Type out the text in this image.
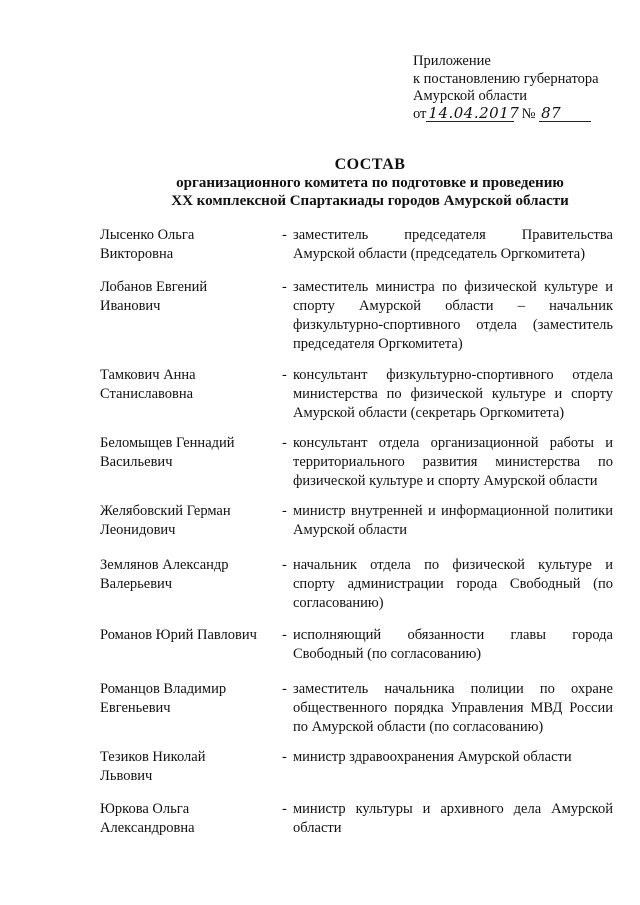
Приложение
к постановлению губернатора
Амурской области
от 14.04.2017 № 87
СОСТАВ
организационного комитета по подготовке и проведению
XX комплексной Спартакиады городов Амурской области
Лысенко Ольга
Викторовна
- заместитель председателя Правительства
Амурской области (председатель Оргкомитета)
Лобанов Евгений
Иванович
- заместитель министра по физической культуре и
спорту Амурской области – начальник
физкультурно-спортивного отдела (заместитель
председателя Оргкомитета)
Тамкович Анна
Станиславовна
- консультант физкультурно-спортивного отдела
министерства по физической культуре и спорту
Амурской области (секретарь Оргкомитета)
Беломыщев Геннадий
Васильевич
- консультант отдела организационной работы и
территориального развития министерства по
физической культуре и спорту Амурской области
Желябовский Герман
Леонидович
- министр внутренней и информационной политики
Амурской области
Землянов Александр
Валерьевич
- начальник отдела по физической культуре и
спорту администрации города Свободный (по
согласованию)
Романов Юрий Павлович
	- исполняющий обязанности главы города
Свободный (по согласованию)
Романцов Владимир
Евгеньевич
- заместитель начальника полиции по охране
общественного порядка Управления МВД России
по Амурской области (по согласованию)
Тезиков Николай
Львович
- министр здравоохранения Амурской области
Юркова Ольга
Александровна
- министр культуры и архивного дела Амурской
области
